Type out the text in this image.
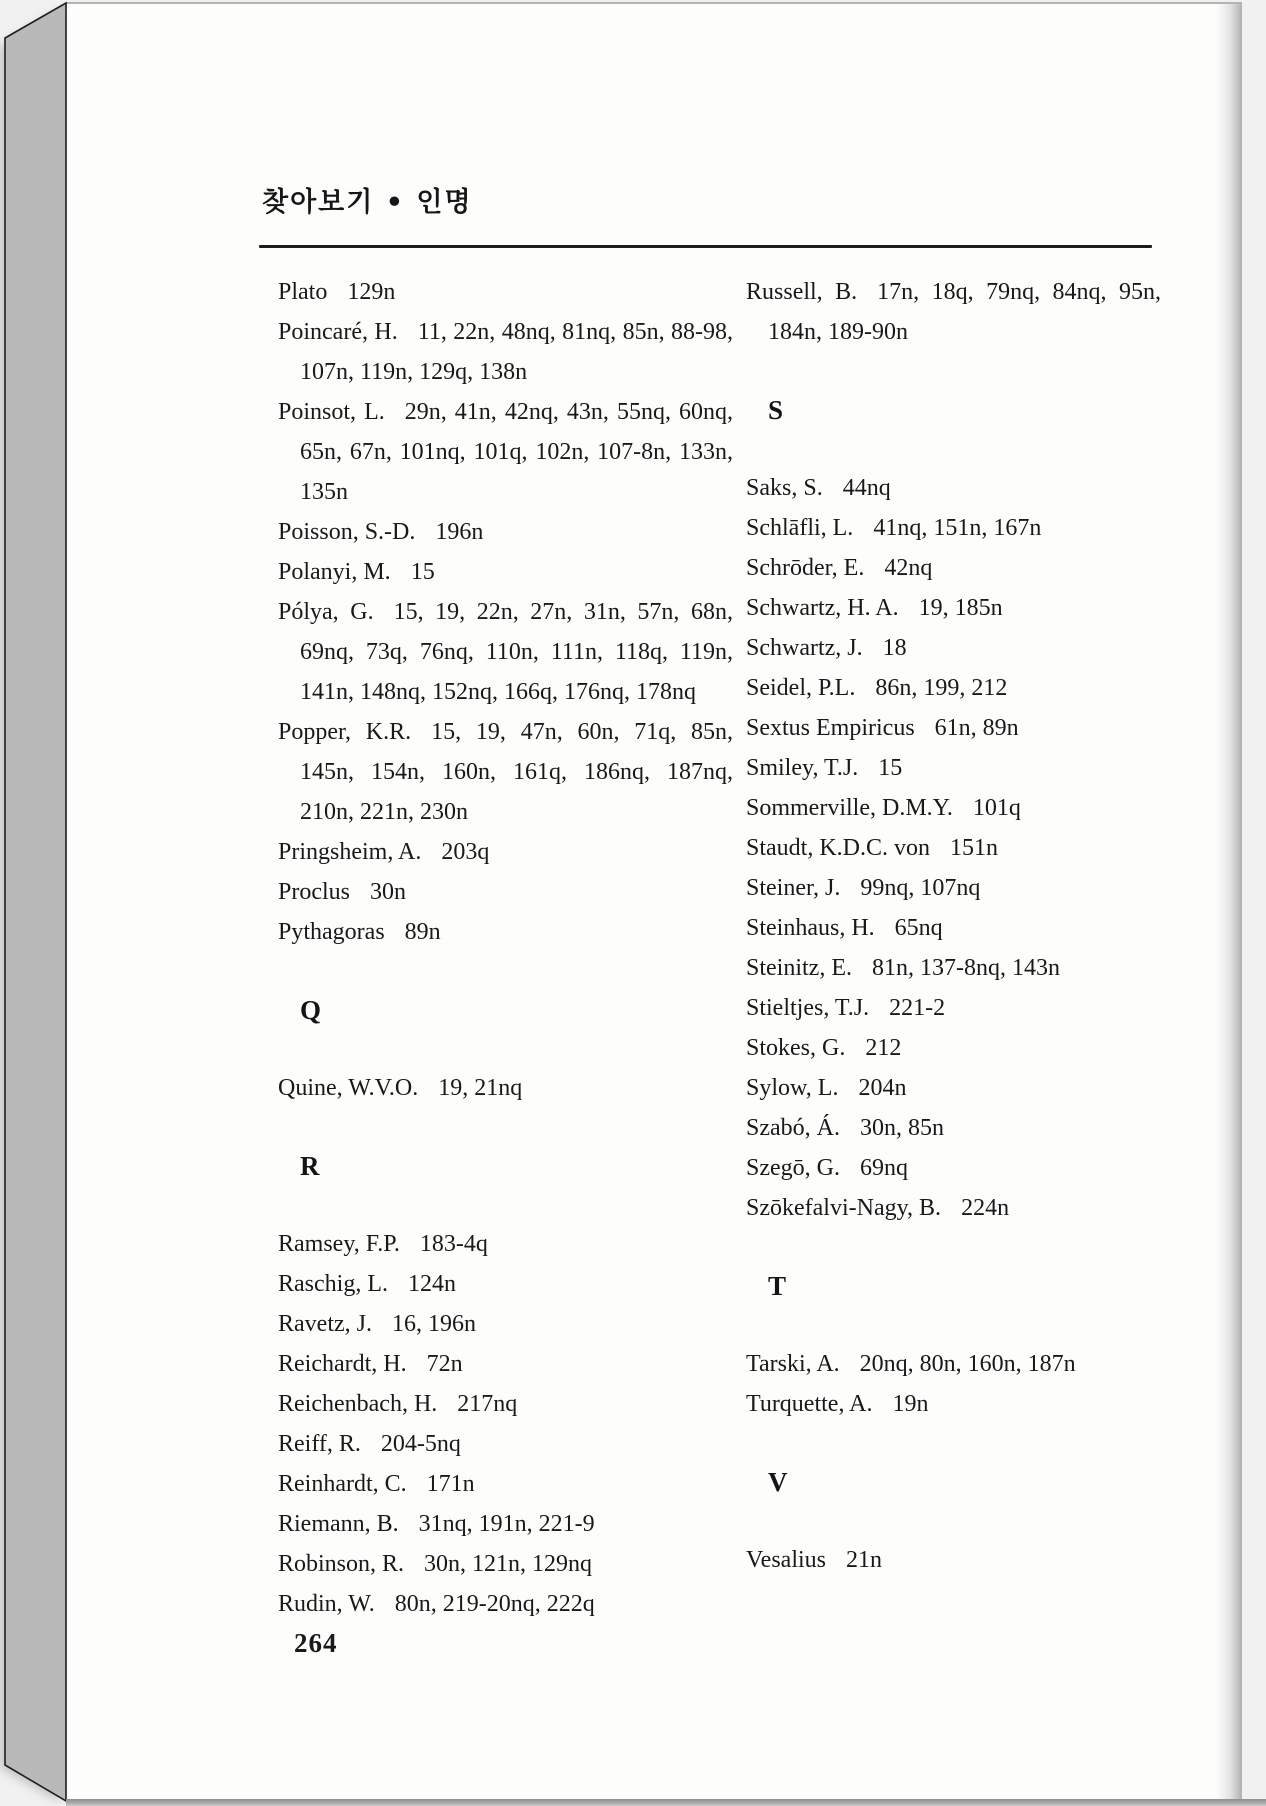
찾아보기 • 인명
Plato 129n
Poincaré, H. 11, 22n, 48nq, 81nq, 85n, 88-98, 107n, 119n, 129q, 138n
Poinsot, L. 29n, 41n, 42nq, 43n, 55nq, 60nq, 65n, 67n, 101nq, 101q, 102n, 107-8n, 133n, 135n
Poisson, S.-D. 196n
Polanyi, M. 15
Pólya, G. 15, 19, 22n, 27n, 31n, 57n, 68n, 69nq, 73q, 76nq, 110n, 111n, 118q, 119n, 141n, 148nq, 152nq, 166q, 176nq, 178nq
Popper, K.R. 15, 19, 47n, 60n, 71q, 85n, 145n, 154n, 160n, 161q, 186nq, 187nq, 210n, 221n, 230n
Pringsheim, A. 203q
Proclus 30n
Pythagoras 89n
Q
Quine, W.V.O. 19, 21nq
R
Ramsey, F.P. 183-4q
Raschig, L. 124n
Ravetz, J. 16, 196n
Reichardt, H. 72n
Reichenbach, H. 217nq
Reiff, R. 204-5nq
Reinhardt, C. 171n
Riemann, B. 31nq, 191n, 221-9
Robinson, R. 30n, 121n, 129nq
Rudin, W. 80n, 219-20nq, 222q
Russell, B. 17n, 18q, 79nq, 84nq, 95n, 184n, 189-90n
S
Saks, S. 44nq
Schlāfli, L. 41nq, 151n, 167n
Schrōder, E. 42nq
Schwartz, H. A. 19, 185n
Schwartz, J. 18
Seidel, P.L. 86n, 199, 212
Sextus Empiricus 61n, 89n
Smiley, T.J. 15
Sommerville, D.M.Y. 101q
Staudt, K.D.C. von 151n
Steiner, J. 99nq, 107nq
Steinhaus, H. 65nq
Steinitz, E. 81n, 137-8nq, 143n
Stieltjes, T.J. 221-2
Stokes, G. 212
Sylow, L. 204n
Szabó, Á. 30n, 85n
Szegō, G. 69nq
Szōkefalvi-Nagy, B. 224n
T
Tarski, A. 20nq, 80n, 160n, 187n
Turquette, A. 19n
V
Vesalius 21n
264
